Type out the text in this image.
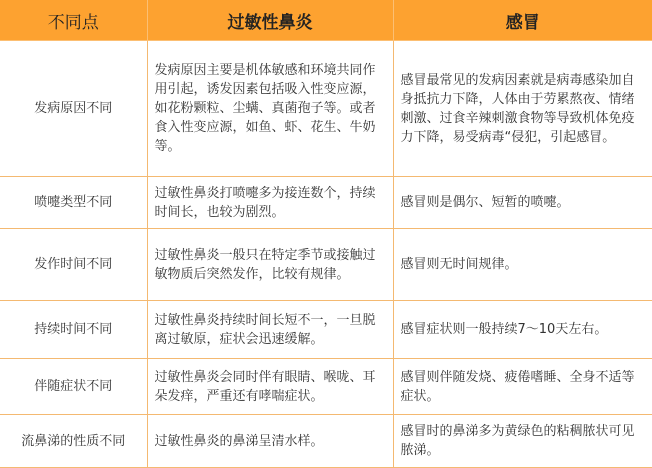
不同点	过敏性鼻炎	感冒
发病原因不同	发病原因主要是机体敏感和环境共同作用引起，诱发因素包括吸入性变应源，如花粉颗粒、尘螨、真菌孢子等。或者食入性变应源，如鱼、虾、花生、牛奶等。	感冒最常见的发病因素就是病毒感染加自身抵抗力下降，人体由于劳累熬夜、情绪刺激、过食辛辣刺激食物等导致机体免疫力下降，易受病毒“侵犯，引起感冒。
喷嚏类型不同	过敏性鼻炎打喷嚏多为接连数个，持续时间长，也较为剧烈。	感冒则是偶尔、短暂的喷嚏。
发作时间不同	过敏性鼻炎一般只在特定季节或接触过敏物质后突然发作，比较有规律。	感冒则无时间规律。
持续时间不同	过敏性鼻炎持续时间长短不一，一旦脱离过敏原，症状会迅速缓解。	感冒症状则一般持续7～10天左右。
伴随症状不同	过敏性鼻炎会同时伴有眼睛、喉咙、耳朵发痒，严重还有哮喘症状。	感冒则伴随发烧、疲倦嗜睡、全身不适等症状。
流鼻涕的性质不同	过敏性鼻炎的鼻涕呈清水样。	感冒时的鼻涕多为黄绿色的粘稠脓状可见脓涕。
